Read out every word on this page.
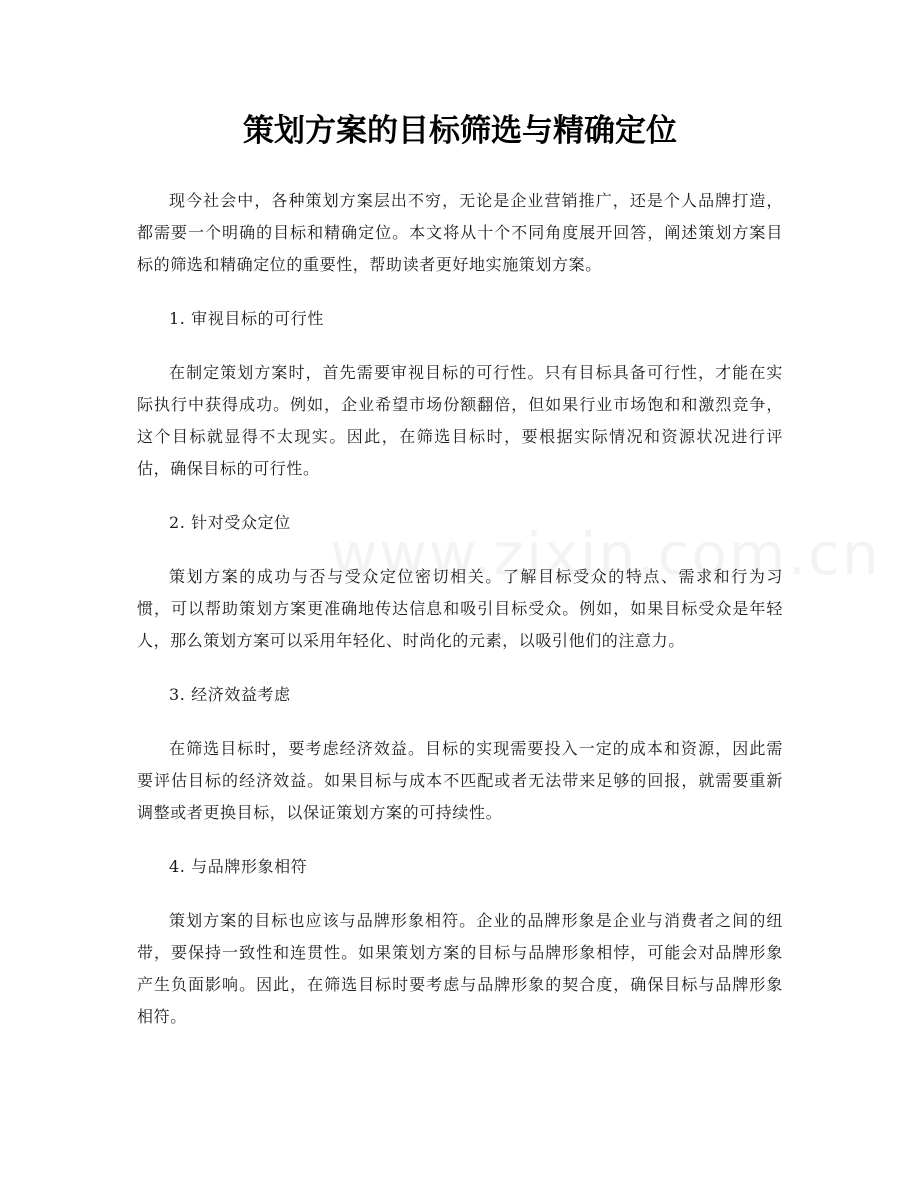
策划方案的目标筛选与精确定位

现今社会中，各种策划方案层出不穷，无论是企业营销推广，还是个人品牌打造，都需要一个明确的目标和精确定位。本文将从十个不同角度展开回答，阐述策划方案目标的筛选和精确定位的重要性，帮助读者更好地实施策划方案。

1. 审视目标的可行性

在制定策划方案时，首先需要审视目标的可行性。只有目标具备可行性，才能在实际执行中获得成功。例如，企业希望市场份额翻倍，但如果行业市场饱和和激烈竞争，这个目标就显得不太现实。因此，在筛选目标时，要根据实际情况和资源状况进行评估，确保目标的可行性。

2. 针对受众定位

策划方案的成功与否与受众定位密切相关。了解目标受众的特点、需求和行为习惯，可以帮助策划方案更准确地传达信息和吸引目标受众。例如，如果目标受众是年轻人，那么策划方案可以采用年轻化、时尚化的元素，以吸引他们的注意力。

3. 经济效益考虑

在筛选目标时，要考虑经济效益。目标的实现需要投入一定的成本和资源，因此需要评估目标的经济效益。如果目标与成本不匹配或者无法带来足够的回报，就需要重新调整或者更换目标，以保证策划方案的可持续性。

4. 与品牌形象相符

策划方案的目标也应该与品牌形象相符。企业的品牌形象是企业与消费者之间的纽带，要保持一致性和连贯性。如果策划方案的目标与品牌形象相悖，可能会对品牌形象产生负面影响。因此，在筛选目标时要考虑与品牌形象的契合度，确保目标与品牌形象相符。
